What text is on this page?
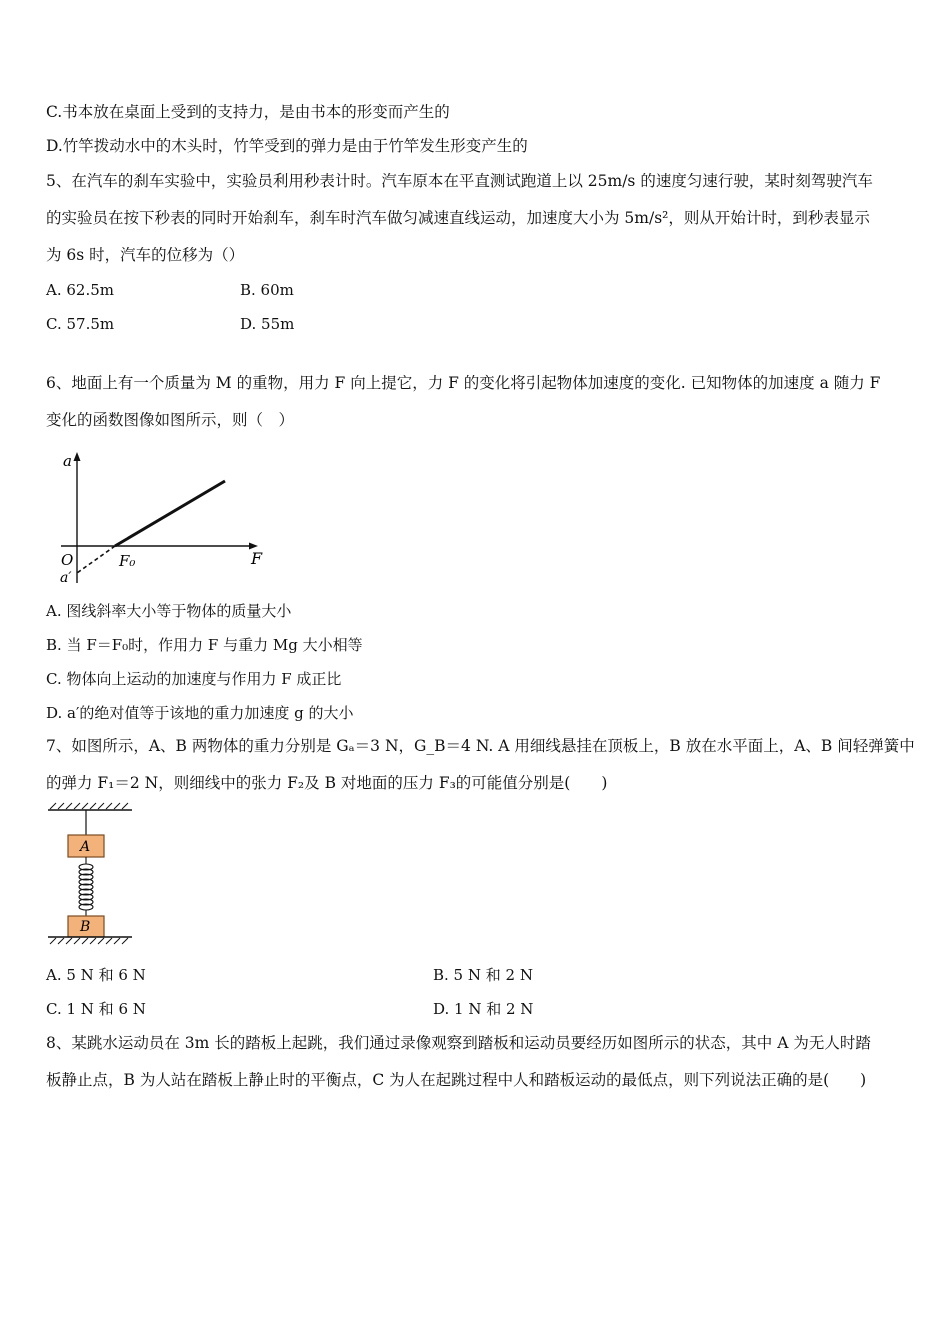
C.书本放在桌面上受到的支持力，是由书本的形变而产生的
D.竹竿拨动水中的木头时，竹竿受到的弹力是由于竹竿发生形变产生的
5、在汽车的刹车实验中，实验员利用秒表计时。汽车原本在平直测试跑道上以 25m/s 的速度匀速行驶，某时刻驾驶汽车
的实验员在按下秒表的同时开始刹车，刹车时汽车做匀减速直线运动，加速度大小为 5m/s²，则从开始计时，到秒表显示
为 6s 时，汽车的位移为（）
A. 62.5m	B. 60m
C. 57.5m	D. 55m
6、地面上有一个质量为 M 的重物，用力 F 向上提它，力 F 的变化将引起物体加速度的变化. 已知物体的加速度 a 随力 F
变化的函数图像如图所示，则（　）
a
F
O	F₀
a′
A. 图线斜率大小等于物体的质量大小
B. 当 F＝F₀时，作用力 F 与重力 Mg 大小相等
C. 物体向上运动的加速度与作用力 F 成正比
D. a′的绝对值等于该地的重力加速度 g 的大小
7、如图所示，A、B 两物体的重力分别是 Gₐ＝3 N，G_B＝4 N. A 用细线悬挂在顶板上，B 放在水平面上，A、B 间轻弹簧中
的弹力 F₁＝2 N，则细线中的张力 F₂及 B 对地面的压力 F₃的可能值分别是(　　)
A
B
A. 5 N 和 6 N	B. 5 N 和 2 N
C. 1 N 和 6 N	D. 1 N 和 2 N
8、某跳水运动员在 3m 长的踏板上起跳，我们通过录像观察到踏板和运动员要经历如图所示的状态，其中 A 为无人时踏
板静止点，B 为人站在踏板上静止时的平衡点，C 为人在起跳过程中人和踏板运动的最低点，则下列说法正确的是(　　)
